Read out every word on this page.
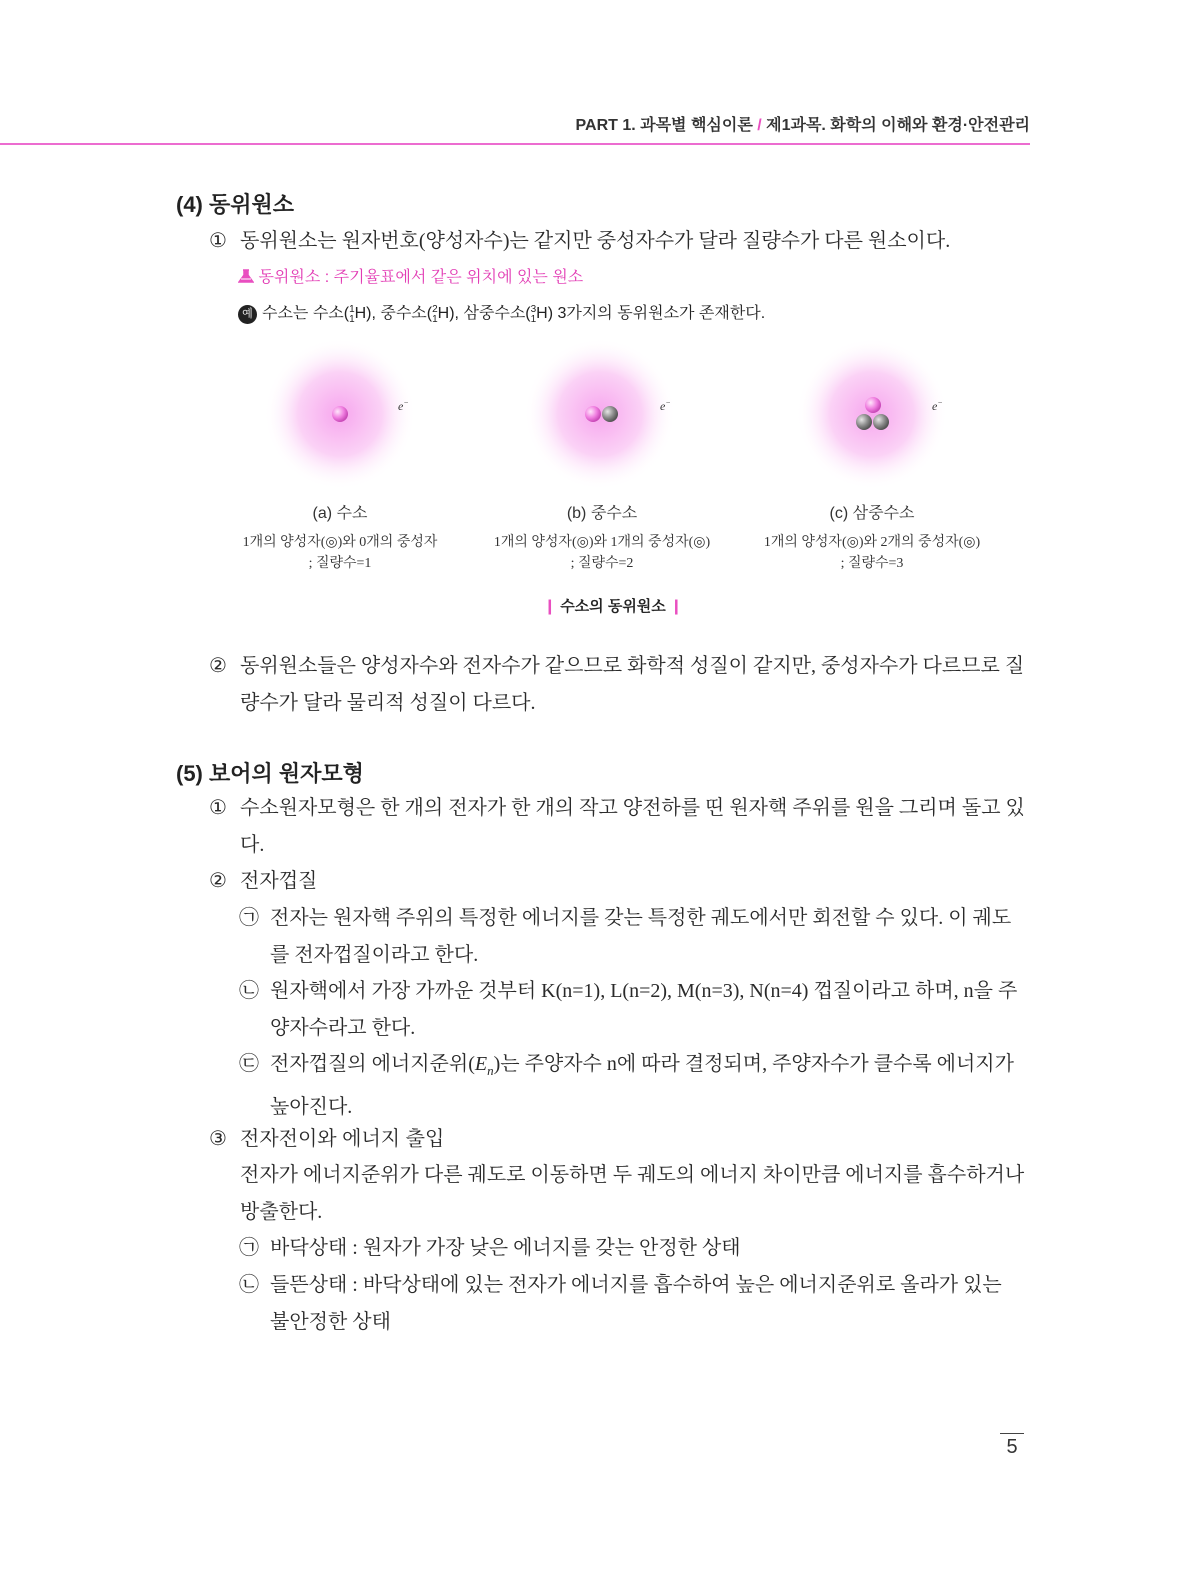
PART 1. 과목별 핵심이론 / 제1과목. 화학의 이해와 환경·안전관리
(4) 동위원소
① 동위원소는 원자번호(양성자수)는 같지만 중성자수가 달라 질량수가 다른 원소이다.
동위원소 : 주기율표에서 같은 위치에 있는 원소
예 수소는 수소( 1
1 H), 중수소( 2
1 H), 삼중수소( 3
1 H) 3가지의 동위원소가 존재한다.
e−	e−	e−
(a) 수소	(b) 중수소	(c) 삼중수소
1개의 양성자(◎)와 0개의 중성자
; 질량수=1
1개의 양성자(◎)와 1개의 중성자(◎)
; 질량수=2
1개의 양성자(◎)와 2개의 중성자(◎)
; 질량수=3
❙ 수소의 동위원소 ❙
② 동위원소들은 양성자수와 전자수가 같으므로 화학적 성질이 같지만, 중성자수가 다르므로 질량수가 달라 물리적 성질이 다르다.
(5) 보어의 원자모형
① 수소원자모형은 한 개의 전자가 한 개의 작고 양전하를 띤 원자핵 주위를 원을 그리며 돌고 있다.
② 전자껍질
㉠ 전자는 원자핵 주위의 특정한 에너지를 갖는 특정한 궤도에서만 회전할 수 있다. 이 궤도를 전자껍질이라고 한다.
㉡ 원자핵에서 가장 가까운 것부터 K(n=1), L(n=2), M(n=3), N(n=4) 껍질이라고 하며, n을 주양자수라고 한다.
㉢ 전자껍질의 에너지준위$(E_n)$는 주양자수 n에 따라 결정되며, 주양자수가 클수록 에너지가 높아진다.
③ 전자전이와 에너지 출입
전자가 에너지준위가 다른 궤도로 이동하면 두 궤도의 에너지 차이만큼 에너지를 흡수하거나 방출한다.
㉠ 바닥상태 : 원자가 가장 낮은 에너지를 갖는 안정한 상태
㉡ 들뜬상태 : 바닥상태에 있는 전자가 에너지를 흡수하여 높은 에너지준위로 올라가 있는 불안정한 상태
5
